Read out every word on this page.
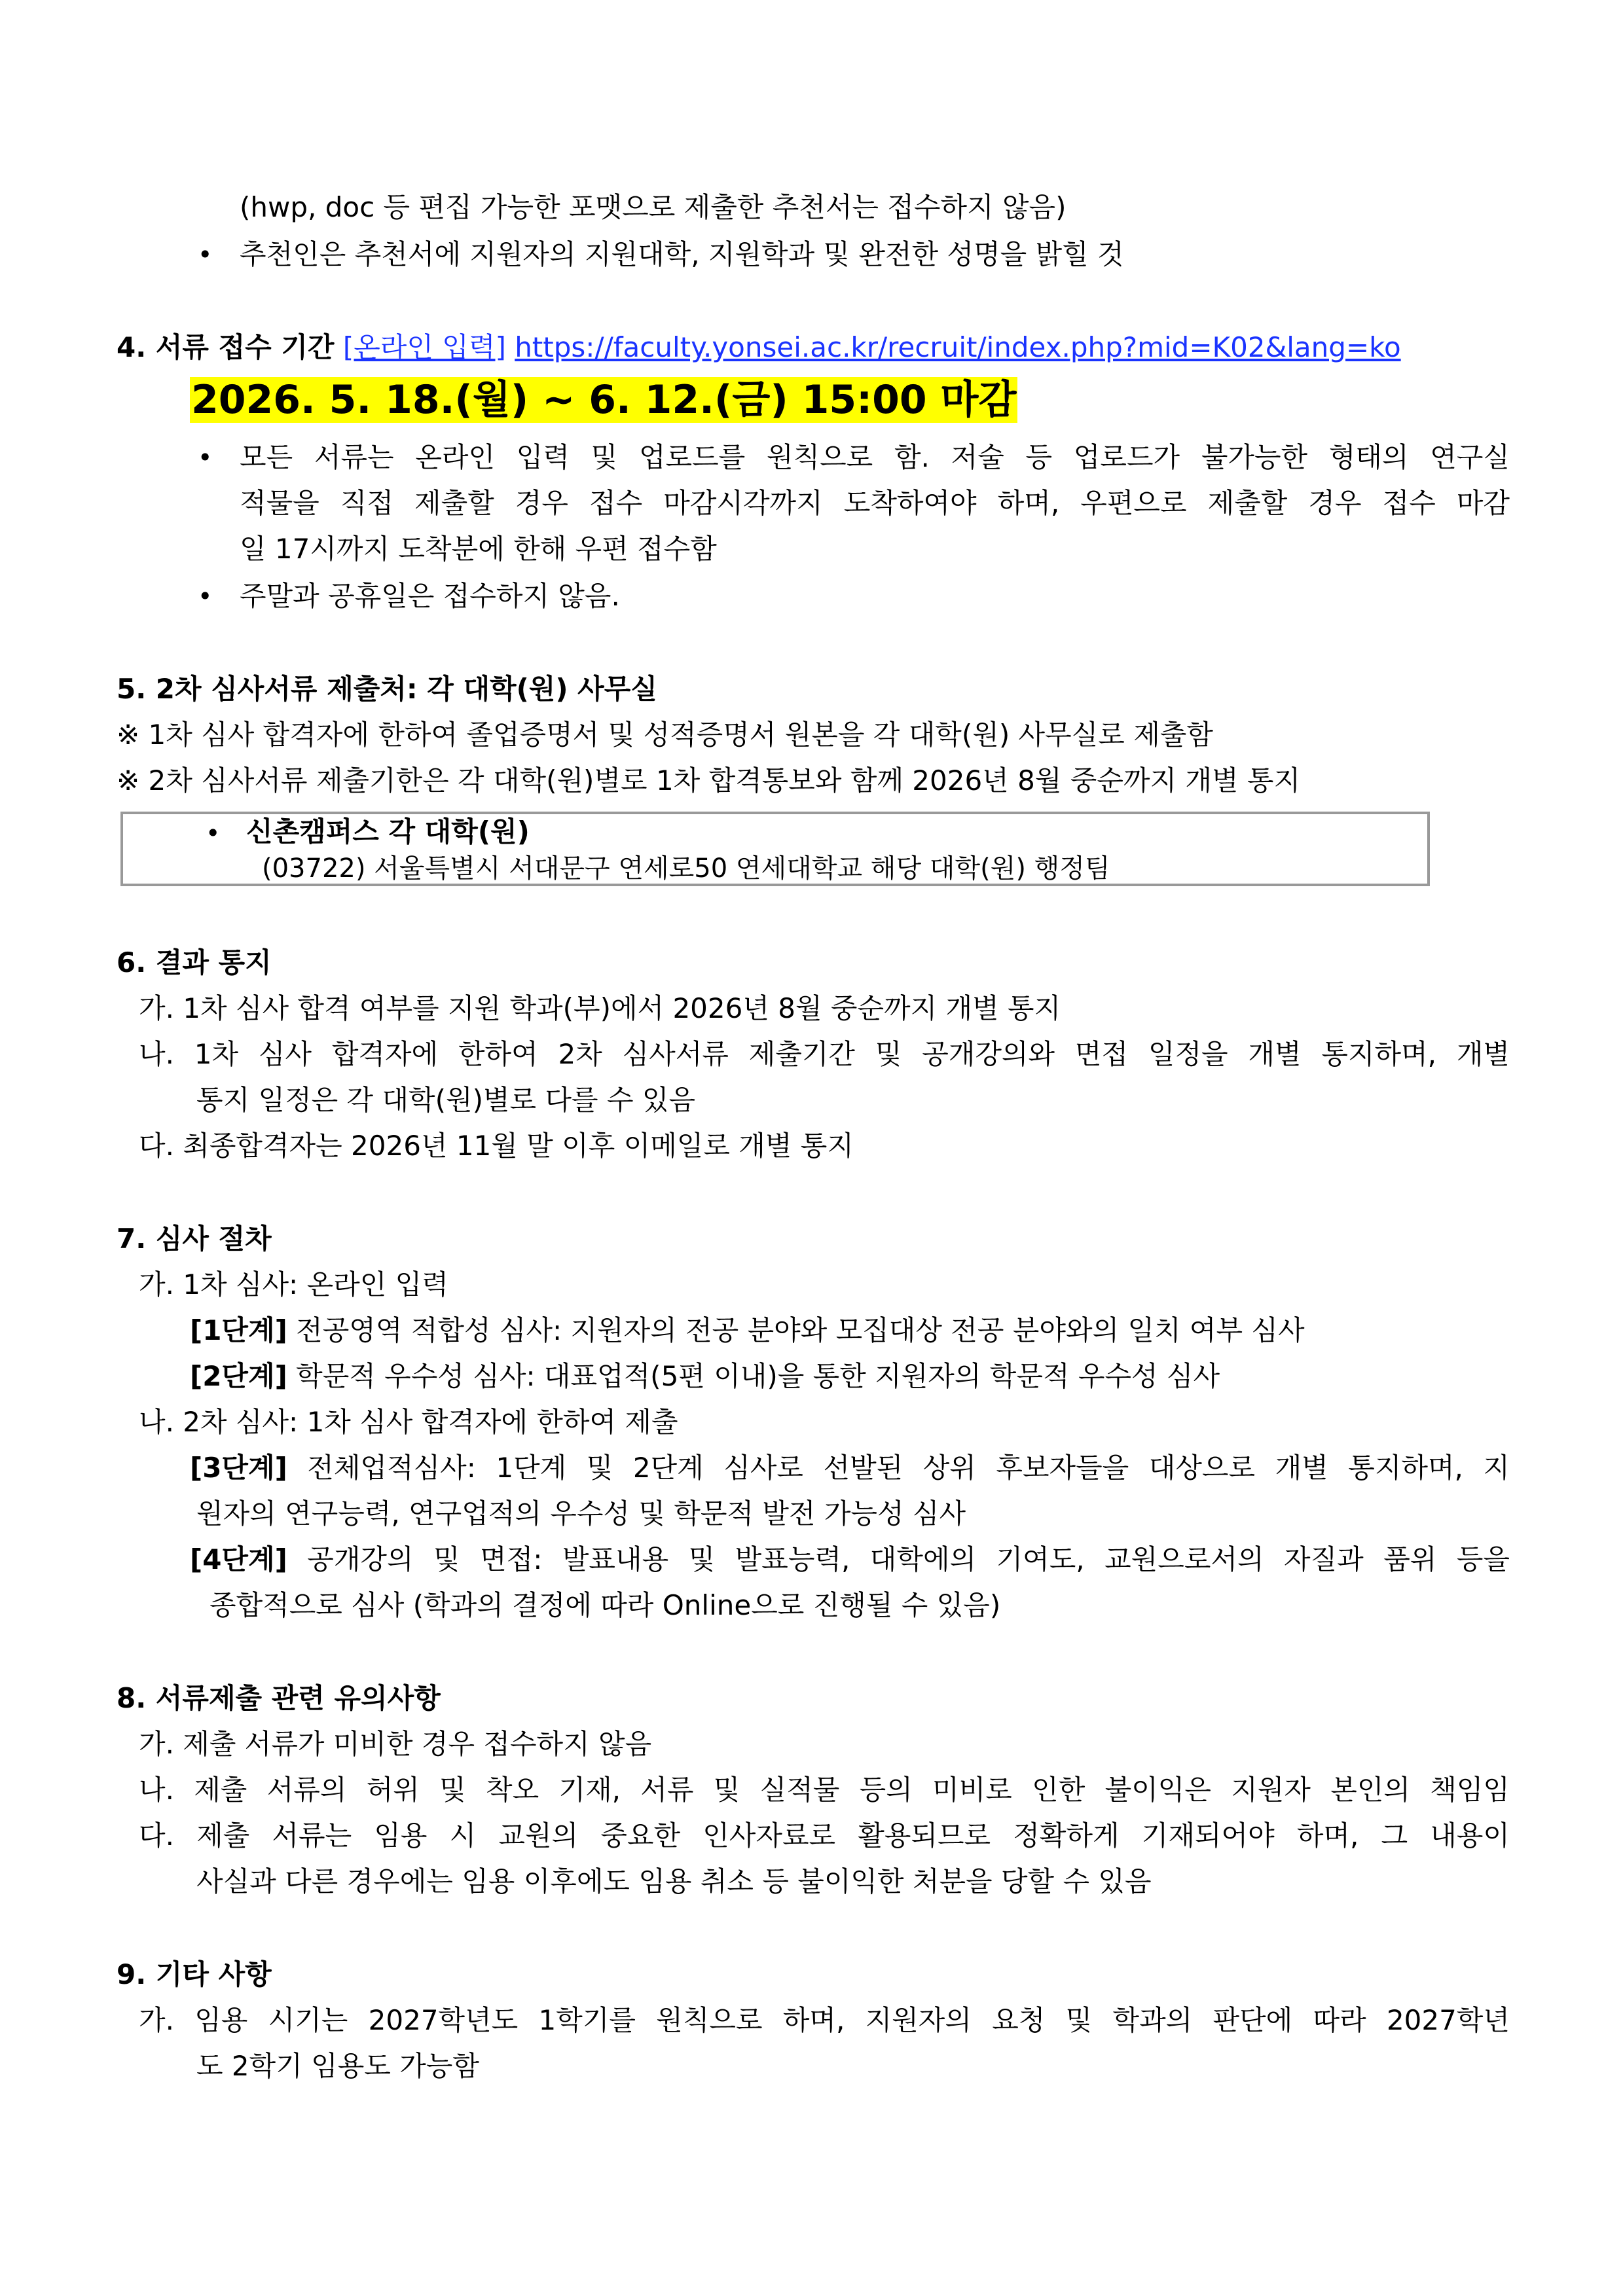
(hwp, doc 등 편집 가능한 포맷으로 제출한 추천서는 접수하지 않음)
• 추천인은 추천서에 지원자의 지원대학, 지원학과 및 완전한 성명을 밝힐 것
4. 서류 접수 기간 [온라인 입력] https://faculty.yonsei.ac.kr/recruit/index.php?mid=K02&lang=ko
2026. 5. 18.(월) ~ 6. 12.(금) 15:00 마감
• 모든 서류는 온라인 입력 및 업로드를 원칙으로 함. 저술 등 업로드가 불가능한 형태의 연구실
적물을 직접 제출할 경우 접수 마감시각까지 도착하여야 하며, 우편으로 제출할 경우 접수 마감
일 17시까지 도착분에 한해 우편 접수함
• 주말과 공휴일은 접수하지 않음.
5. 2차 심사서류 제출처: 각 대학(원) 사무실
※ 1차 심사 합격자에 한하여 졸업증명서 및 성적증명서 원본을 각 대학(원) 사무실로 제출함
※ 2차 심사서류 제출기한은 각 대학(원)별로 1차 합격통보와 함께 2026년 8월 중순까지 개별 통지
• 신촌캠퍼스 각 대학(원)
(03722) 서울특별시 서대문구 연세로50 연세대학교 해당 대학(원) 행정팀
6. 결과 통지
가. 1차 심사 합격 여부를 지원 학과(부)에서 2026년 8월 중순까지 개별 통지
나. 1차 심사 합격자에 한하여 2차 심사서류 제출기간 및 공개강의와 면접 일정을 개별 통지하며, 개별
통지 일정은 각 대학(원)별로 다를 수 있음
다. 최종합격자는 2026년 11월 말 이후 이메일로 개별 통지
7. 심사 절차
가. 1차 심사: 온라인 입력
[1단계] 전공영역 적합성 심사: 지원자의 전공 분야와 모집대상 전공 분야와의 일치 여부 심사
[2단계] 학문적 우수성 심사: 대표업적(5편 이내)을 통한 지원자의 학문적 우수성 심사
나. 2차 심사: 1차 심사 합격자에 한하여 제출
[3단계] 전체업적심사: 1단계 및 2단계 심사로 선발된 상위 후보자들을 대상으로 개별 통지하며, 지
원자의 연구능력, 연구업적의 우수성 및 학문적 발전 가능성 심사
[4단계] 공개강의 및 면접: 발표내용 및 발표능력, 대학에의 기여도, 교원으로서의 자질과 품위 등을
종합적으로 심사 (학과의 결정에 따라 Online으로 진행될 수 있음)
8. 서류제출 관련 유의사항
가. 제출 서류가 미비한 경우 접수하지 않음
나. 제출 서류의 허위 및 착오 기재, 서류 및 실적물 등의 미비로 인한 불이익은 지원자 본인의 책임임
다. 제출 서류는 임용 시 교원의 중요한 인사자료로 활용되므로 정확하게 기재되어야 하며, 그 내용이
사실과 다른 경우에는 임용 이후에도 임용 취소 등 불이익한 처분을 당할 수 있음
9. 기타 사항
가. 임용 시기는 2027학년도 1학기를 원칙으로 하며, 지원자의 요청 및 학과의 판단에 따라 2027학년
도 2학기 임용도 가능함
